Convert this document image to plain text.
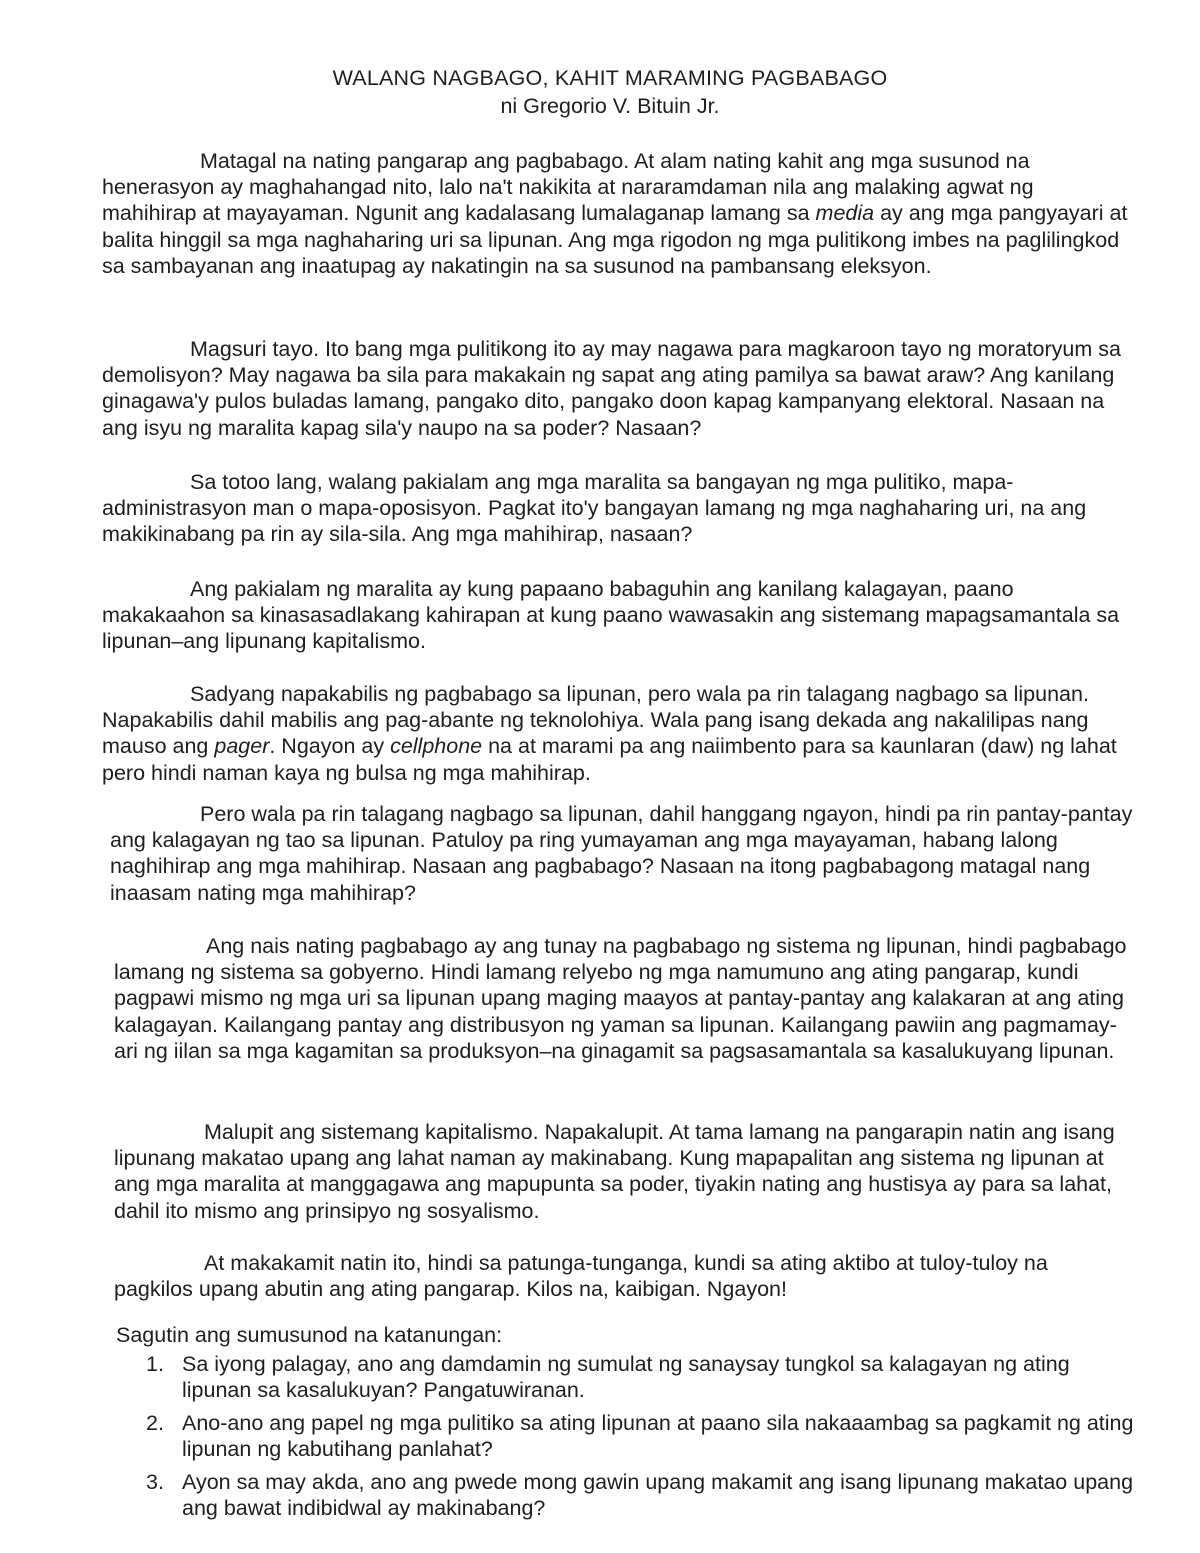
WALANG NAGBAGO, KAHIT MARAMING PAGBABAGO
ni Gregorio V. Bituin Jr.

Matagal na nating pangarap ang pagbabago. At alam nating kahit ang mga susunod na henerasyon ay maghahangad nito, lalo na't nakikita at nararamdaman nila ang malaking agwat ng mahihirap at mayayaman. Ngunit ang kadalasang lumalaganap lamang sa media ay ang mga pangyayari at balita hinggil sa mga naghaharing uri sa lipunan. Ang mga rigodon ng mga pulitikong imbes na paglilingkod sa sambayanan ang inaatupag ay nakatingin na sa susunod na pambansang eleksyon.

Magsuri tayo. Ito bang mga pulitikong ito ay may nagawa para magkaroon tayo ng moratoryum sa demolisyon? May nagawa ba sila para makakain ng sapat ang ating pamilya sa bawat araw? Ang kanilang ginagawa'y pulos buladas lamang, pangako dito, pangako doon kapag kampanyang elektoral. Nasaan na ang isyu ng maralita kapag sila'y naupo na sa poder? Nasaan?

Sa totoo lang, walang pakialam ang mga maralita sa bangayan ng mga pulitiko, mapa-administrasyon man o mapa-oposisyon. Pagkat ito'y bangayan lamang ng mga naghaharing uri, na ang makikinabang pa rin ay sila-sila. Ang mga mahihirap, nasaan?

Ang pakialam ng maralita ay kung papaano babaguhin ang kanilang kalagayan, paano makakaahon sa kinasasadlakang kahirapan at kung paano wawasakin ang sistemang mapagsamantala sa lipunan–ang lipunang kapitalismo.

Sadyang napakabilis ng pagbabago sa lipunan, pero wala pa rin talagang nagbago sa lipunan. Napakabilis dahil mabilis ang pag-abante ng teknolohiya. Wala pang isang dekada ang nakalilipas nang mauso ang pager. Ngayon ay cellphone na at marami pa ang naiimbento para sa kaunlaran (daw) ng lahat pero hindi naman kaya ng bulsa ng mga mahihirap.

Pero wala pa rin talagang nagbago sa lipunan, dahil hanggang ngayon, hindi pa rin pantay-pantay ang kalagayan ng tao sa lipunan. Patuloy pa ring yumayaman ang mga mayayaman, habang lalong naghihirap ang mga mahihirap. Nasaan ang pagbabago? Nasaan na itong pagbabagong matagal nang inaasam nating mga mahihirap?

Ang nais nating pagbabago ay ang tunay na pagbabago ng sistema ng lipunan, hindi pagbabago lamang ng sistema sa gobyerno. Hindi lamang relyebo ng mga namumuno ang ating pangarap, kundi pagpawi mismo ng mga uri sa lipunan upang maging maayos at pantay-pantay ang kalakaran at ang ating kalagayan. Kailangang pantay ang distribusyon ng yaman sa lipunan. Kailangang pawiin ang pagmamay-ari ng iilan sa mga kagamitan sa produksyon–na ginagamit sa pagsasamantala sa kasalukuyang lipunan.

Malupit ang sistemang kapitalismo. Napakalupit. At tama lamang na pangarapin natin ang isang lipunang makatao upang ang lahat naman ay makinabang. Kung mapapalitan ang sistema ng lipunan at ang mga maralita at manggagawa ang mapupunta sa poder, tiyakin nating ang hustisya ay para sa lahat, dahil ito mismo ang prinsipyo ng sosyalismo.

At makakamit natin ito, hindi sa patunga-tunganga, kundi sa ating aktibo at tuloy-tuloy na pagkilos upang abutin ang ating pangarap. Kilos na, kaibigan. Ngayon!

Sagutin ang sumusunod na katanungan:

1. Sa iyong palagay, ano ang damdamin ng sumulat ng sanaysay tungkol sa kalagayan ng ating lipunan sa kasalukuyan? Pangatuwiranan.
2. Ano-ano ang papel ng mga pulitiko sa ating lipunan at paano sila nakaaambag sa pagkamit ng ating lipunan ng kabutihang panlahat?
3. Ayon sa may akda, ano ang pwede mong gawin upang makamit ang isang lipunang makatao upang ang bawat indibidwal ay makinabang?
